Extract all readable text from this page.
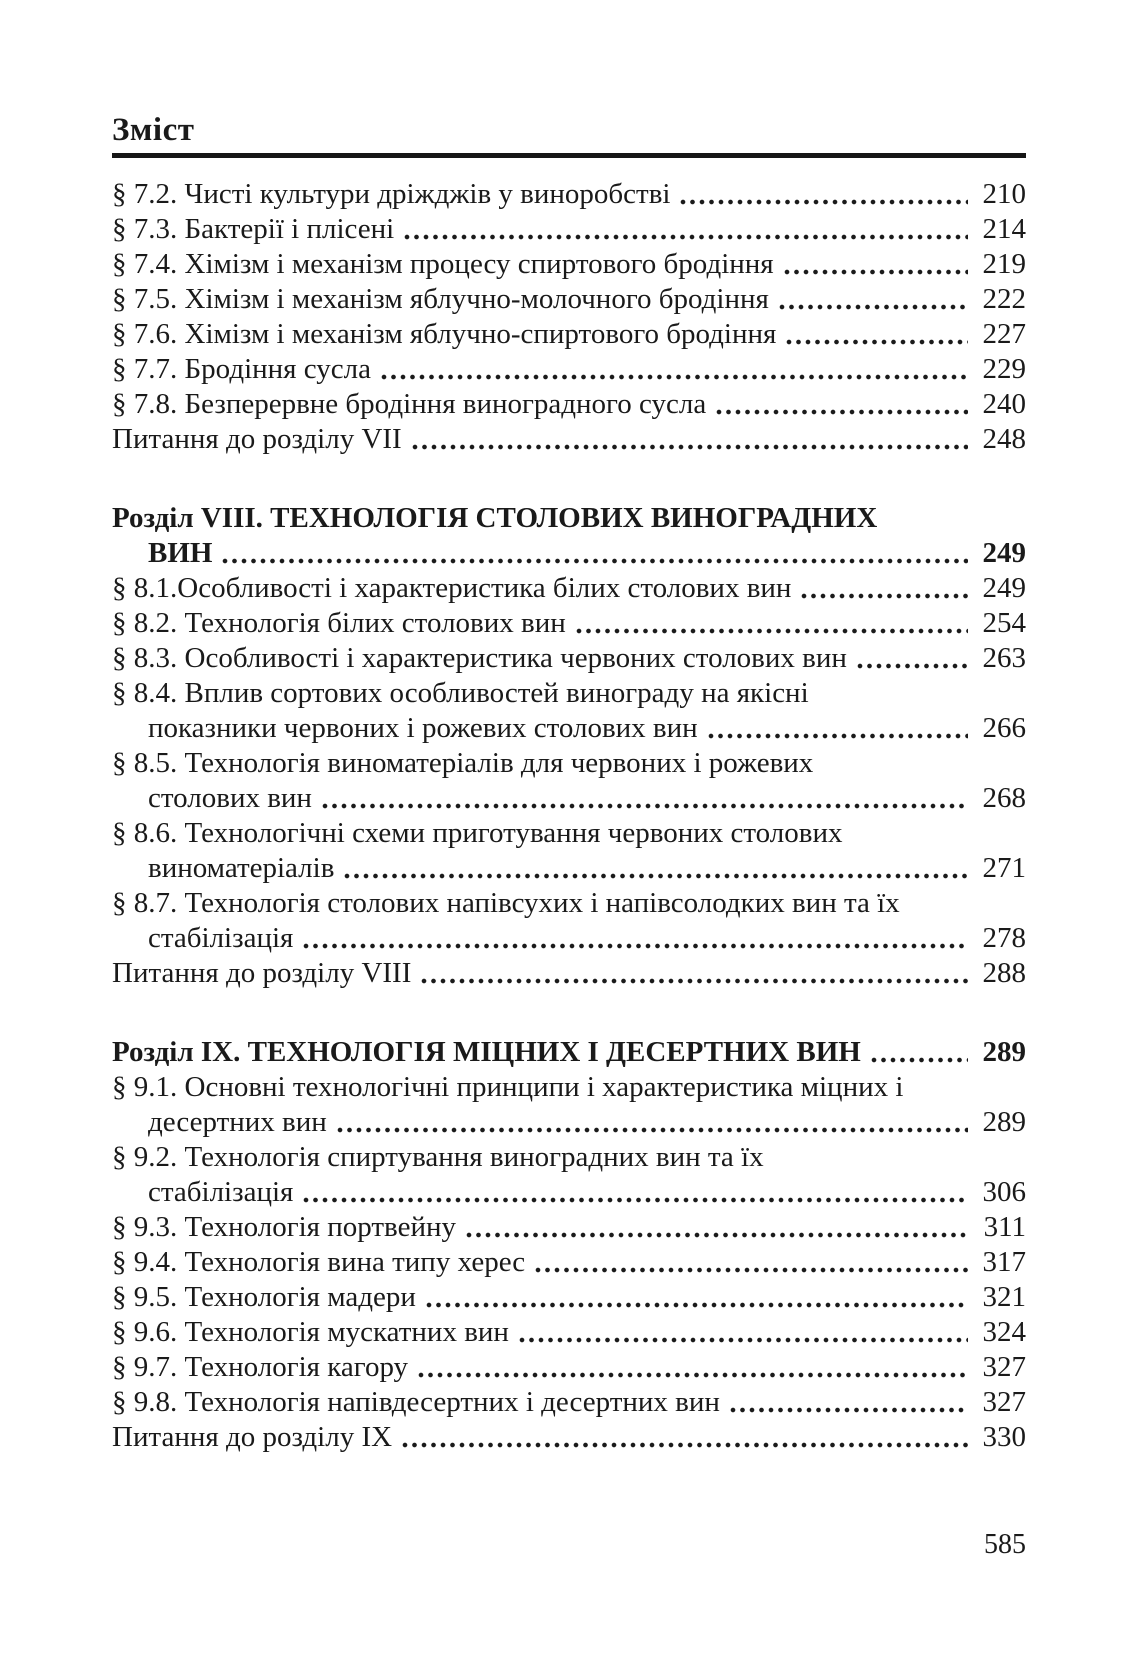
Зміст
§ 7.2. Чисті культури дріжджів у виноробстві	210
§ 7.3. Бактерії і плісені	214
§ 7.4. Хімізм і механізм процесу спиртового бродіння	219
§ 7.5. Хімізм і механізм яблучно-молочного бродіння	222
§ 7.6. Хімізм і механізм яблучно-спиртового бродіння	227
§ 7.7. Бродіння сусла	229
§ 7.8. Безперервне бродіння виноградного сусла	240
Питання до розділу VII	248
Розділ VIII. ТЕХНОЛОГІЯ СТОЛОВИХ ВИНОГРАДНИХ
ВИН	249
§ 8.1.Особливості і характеристика білих столових вин	249
§ 8.2. Технологія білих столових вин	254
§ 8.3. Особливості і характеристика червоних столових вин	263
§ 8.4. Вплив сортових особливостей винограду на якісні
показники червоних і рожевих столових вин	266
§ 8.5. Технологія виноматеріалів для червоних і рожевих
столових вин	268
§ 8.6. Технологічні схеми приготування червоних столових
виноматеріалів	271
§ 8.7. Технологія столових напівсухих і напівсолодких вин та їх
стабілізація	278
Питання до розділу VIII	288
Розділ IX. ТЕХНОЛОГІЯ МІЦНИХ І ДЕСЕРТНИХ ВИН	289
§ 9.1. Основні технологічні принципи і характеристика міцних і
десертних вин	289
§ 9.2. Технологія спиртування виноградних вин та їх
стабілізація	306
§ 9.3. Технологія портвейну	311
§ 9.4. Технологія вина типу херес	317
§ 9.5. Технологія мадери	321
§ 9.6. Технологія мускатних вин	324
§ 9.7. Технологія кагору	327
§ 9.8. Технологія напівдесертних і десертних вин	327
Питання до розділу IX	330
585
